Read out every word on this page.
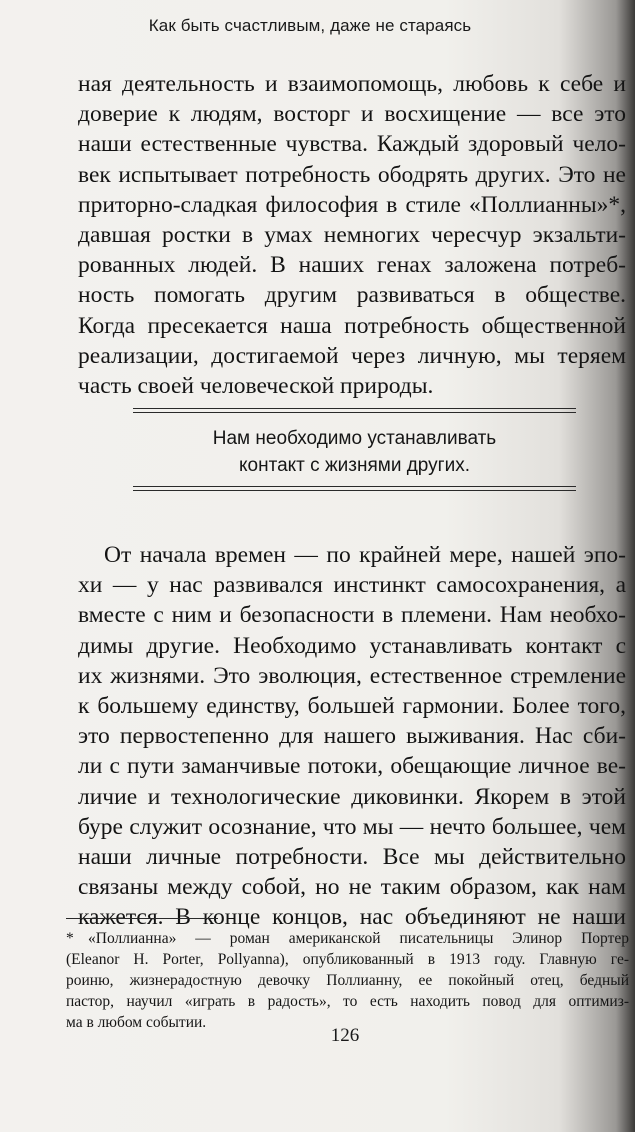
Как быть счастливым, даже не стараясь
ная деятельность и взаимопомощь, любовь к себе и
доверие к людям, восторг и восхищение — все это
наши естественные чувства. Каждый здоровый чело-
век испытывает потребность ободрять других. Это не
приторно-сладкая философия в стиле «Поллианны»*,
давшая ростки в умах немногих чересчур экзальти-
рованных людей. В наших генах заложена потреб-
ность помогать другим развиваться в обществе.
Когда пресекается наша потребность общественной
реализации, достигаемой через личную, мы теряем
часть своей человеческой природы.
Нам необходимо устанавливать
контакт с жизнями других.
От начала времен — по крайней мере, нашей эпо-
хи — у нас развивался инстинкт самосохранения, а
вместе с ним и безопасности в племени. Нам необхо-
димы другие. Необходимо устанавливать контакт с
их жизнями. Это эволюция, естественное стремление
к большему единству, большей гармонии. Более того,
это первостепенно для нашего выживания. Нас сби-
ли с пути заманчивые потоки, обещающие личное ве-
личие и технологические диковинки. Якорем в этой
буре служит осознание, что мы — нечто большее, чем
наши личные потребности. Все мы действительно
связаны между собой, но не таким образом, как нам
кажется. В конце концов, нас объединяют не наши
* «Поллианна» — роман американской писательницы Элинор Портер
(Eleanor H. Porter, Pollyanna), опубликованный в 1913 году. Главную ге-
роиню, жизнерадостную девочку Поллианну, ее покойный отец, бедный
пастор, научил «играть в радость», то есть находить повод для оптимиз-
ма в любом событии.
126
